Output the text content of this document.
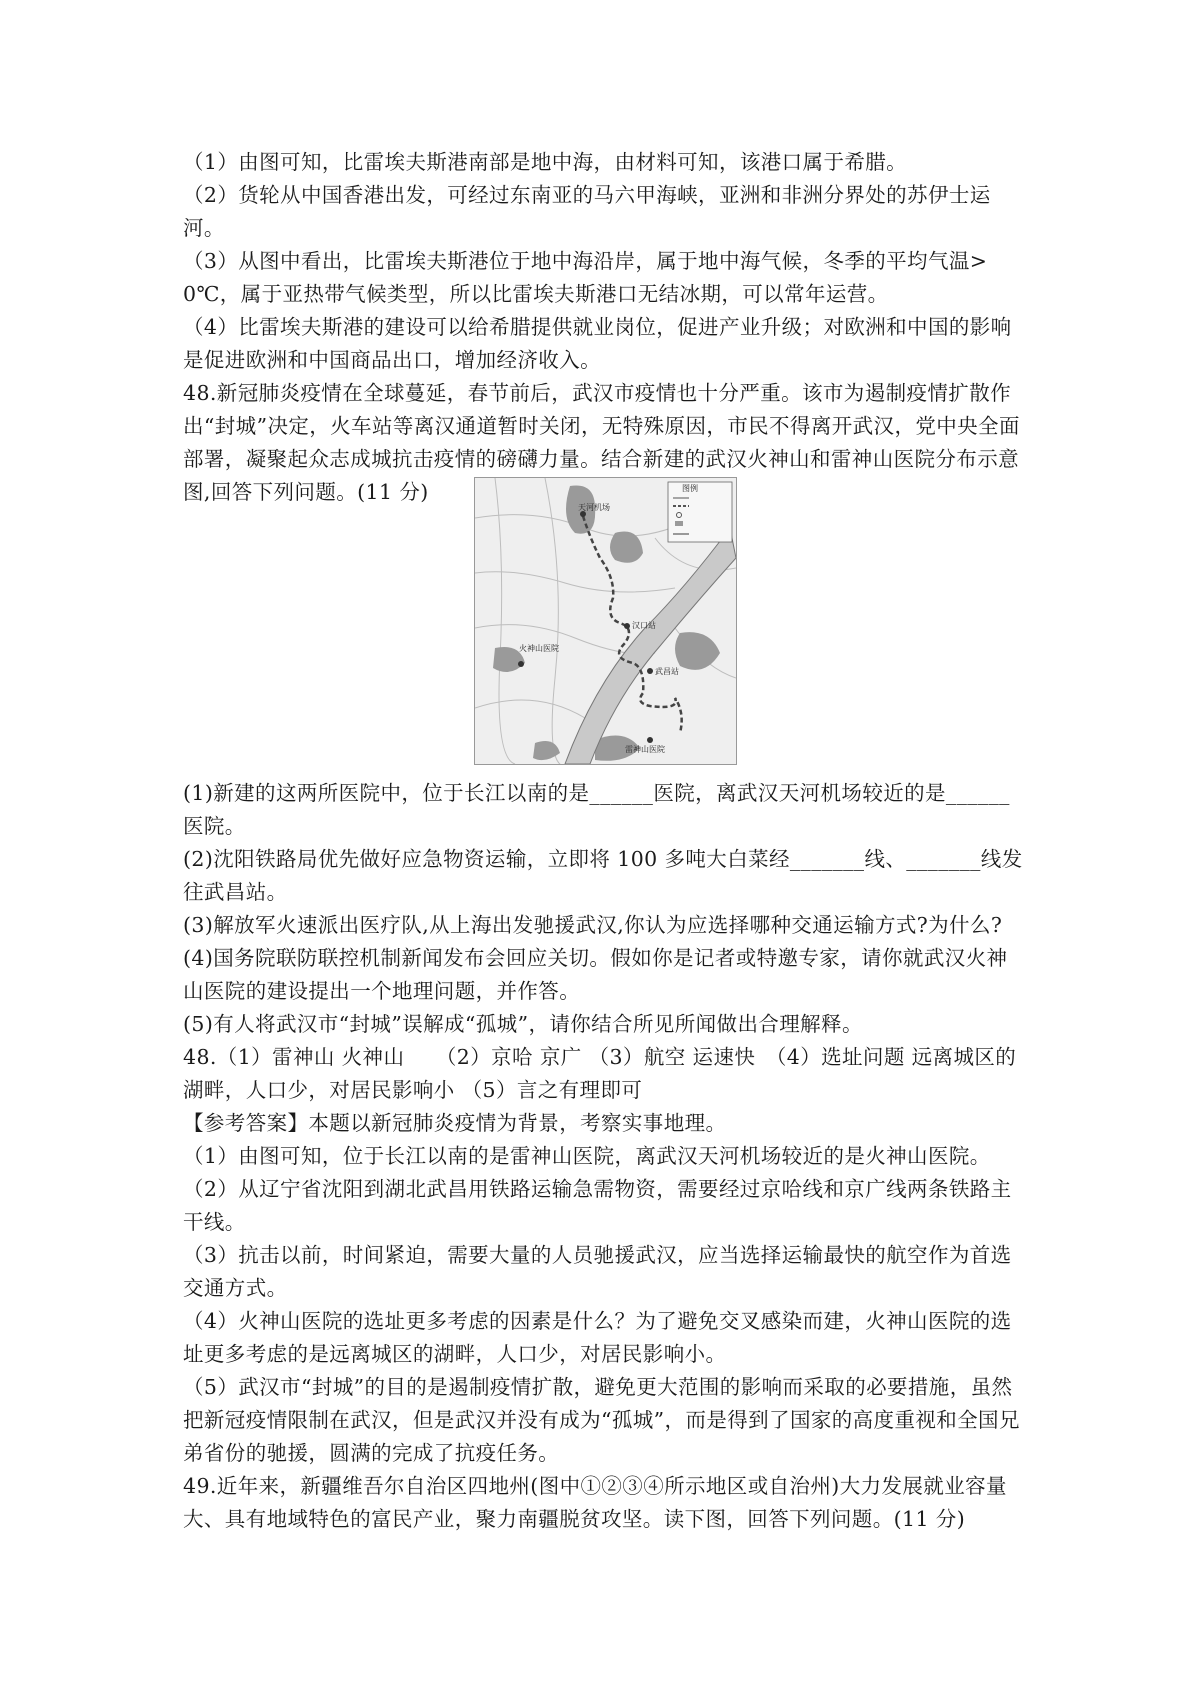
（1）由图可知，比雷埃夫斯港南部是地中海，由材料可知，该港口属于希腊。

（2）货轮从中国香港出发，可经过东南亚的马六甲海峡，亚洲和非洲分界处的苏伊士运河。

（3）从图中看出，比雷埃夫斯港位于地中海沿岸，属于地中海气候，冬季的平均气温>0℃，属于亚热带气候类型，所以比雷埃夫斯港口无结冰期，可以常年运营。

（4）比雷埃夫斯港的建设可以给希腊提供就业岗位，促进产业升级；对欧洲和中国的影响是促进欧洲和中国商品出口，增加经济收入。

48.新冠肺炎疫情在全球蔓延，春节前后，武汉市疫情也十分严重。该市为遏制疫情扩散作出“封城”决定，火车站等离汉通道暂时关闭，无特殊原因，市民不得离开武汉，党中央全面部署，凝聚起众志成城抗击疫情的磅礴力量。结合新建的武汉火神山和雷神山医院分布示意图,回答下列问题。(11 分)	图例
天河机场
汉口站
武昌站
火神山医院
雷神山医院

(1)新建的这两所医院中，位于长江以南的是______医院，离武汉天河机场较近的是______医院。

(2)沈阳铁路局优先做好应急物资运输，立即将 100 多吨大白菜经_______线、_______线发往武昌站。

(3)解放军火速派出医疗队,从上海出发驰援武汉,你认为应选择哪种交通运输方式?为什么?

(4)国务院联防联控机制新闻发布会回应关切。假如你是记者或特邀专家，请你就武汉火神山医院的建设提出一个地理问题，并作答。

(5)有人将武汉市“封城”误解成“孤城”，请你结合所见所闻做出合理解释。

48.（1）雷神山 火神山　　（2）京哈 京广 （3）航空 运速快　（4）选址问题 远离城区的湖畔，人口少，对居民影响小 （5）言之有理即可

【参考答案】本题以新冠肺炎疫情为背景，考察实事地理。

（1）由图可知，位于长江以南的是雷神山医院，离武汉天河机场较近的是火神山医院。

（2）从辽宁省沈阳到湖北武昌用铁路运输急需物资，需要经过京哈线和京广线两条铁路主干线。

（3）抗击以前，时间紧迫，需要大量的人员驰援武汉，应当选择运输最快的航空作为首选交通方式。

（4）火神山医院的选址更多考虑的因素是什么？为了避免交叉感染而建，火神山医院的选址更多考虑的是远离城区的湖畔，人口少，对居民影响小。

（5）武汉市“封城”的目的是遏制疫情扩散，避免更大范围的影响而采取的必要措施，虽然把新冠疫情限制在武汉，但是武汉并没有成为“孤城”，而是得到了国家的高度重视和全国兄弟省份的驰援，圆满的完成了抗疫任务。

49.近年来，新疆维吾尔自治区四地州(图中①②③④所示地区或自治州)大力发展就业容量大、具有地域特色的富民产业，聚力南疆脱贫攻坚。读下图，回答下列问题。(11 分)
